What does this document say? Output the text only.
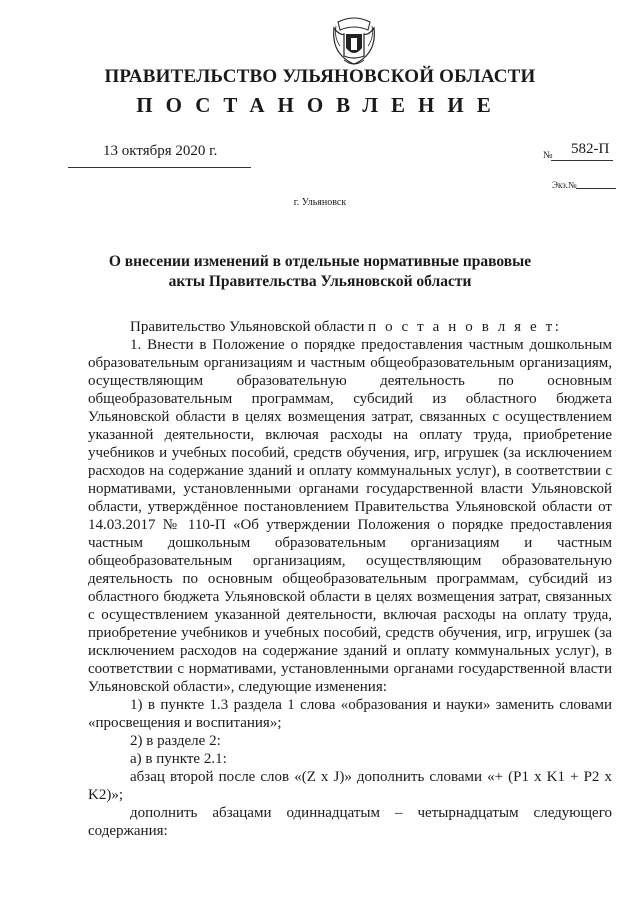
ПРАВИТЕЛЬСТВО УЛЬЯНОВСКОЙ ОБЛАСТИ
ПОСТАНОВЛЕНИЕ
13 октября 2020 г.	№ 582-П
Экз.№
г. Ульяновск
О внесении изменений в отдельные нормативные правовые акты Правительства Ульяновской области

Правительство Ульяновской области п о с т а н о в л я е т:

1. Внести в Положение о порядке предоставления частным дошкольным образовательным организациям и частным общеобразовательным организациям, осуществляющим образовательную деятельность по основным общеобразовательным программам, субсидий из областного бюджета Ульяновской области в целях возмещения затрат, связанных с осуществлением указанной деятельности, включая расходы на оплату труда, приобретение учебников и учебных пособий, средств обучения, игр, игрушек (за исключением расходов на содержание зданий и оплату коммунальных услуг), в соответствии с нормативами, установленными органами государственной власти Ульяновской области, утверждённое постановлением Правительства Ульяновской области от 14.03.2017 № 110-П «Об утверждении Положения о порядке предоставления частным дошкольным образовательным организациям и частным общеобразовательным организациям, осуществляющим образовательную деятельность по основным общеобразовательным программам, субсидий из областного бюджета Ульяновской области в целях возмещения затрат, связанных с осуществлением указанной деятельности, включая расходы на оплату труда, приобретение учебников и учебных пособий, средств обучения, игр, игрушек (за исключением расходов на содержание зданий и оплату коммунальных услуг), в соответствии с нормативами, установленными органами государственной власти Ульяновской области», следующие изменения:

1) в пункте 1.3 раздела 1 слова «образования и науки» заменить словами «просвещения и воспитания»;

2) в разделе 2:

а) в пункте 2.1:

абзац второй после слов «(Z x J)» дополнить словами «+ (P1 x K1 + P2 x K2)»;

дополнить абзацами одиннадцатым – четырнадцатым следующего содержания:
